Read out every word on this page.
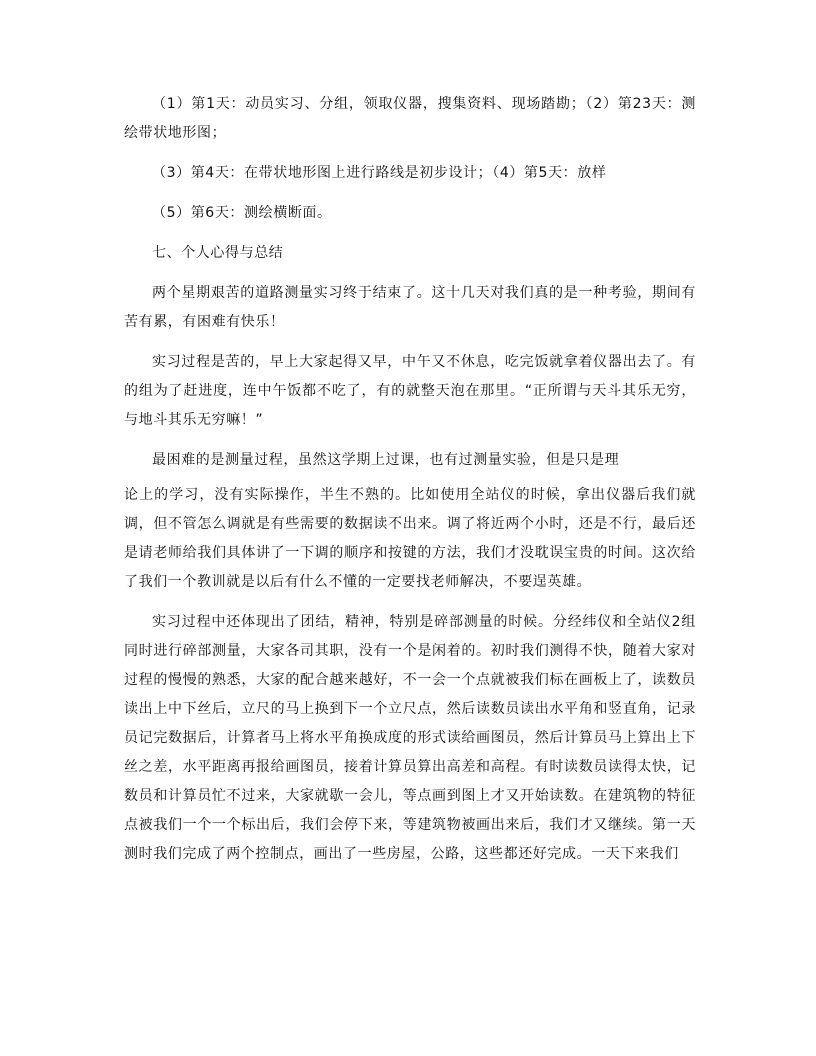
（1）第1天：动员实习、分组，领取仪器，搜集资料、现场踏勘；（2）第23天：测绘带状地形图；

（3）第4天：在带状地形图上进行路线是初步设计；（4）第5天：放样

（5）第6天：测绘横断面。

七、个人心得与总结

两个星期艰苦的道路测量实习终于结束了。这十几天对我们真的是一种考验，期间有苦有累，有困难有快乐！

实习过程是苦的，早上大家起得又早，中午又不休息，吃完饭就拿着仪器出去了。有的组为了赶进度，连中午饭都不吃了，有的就整天泡在那里。“正所谓与天斗其乐无穷，与地斗其乐无穷嘛！”

最困难的是测量过程，虽然这学期上过课，也有过测量实验，但是只是理

论上的学习，没有实际操作，半生不熟的。比如使用全站仪的时候，拿出仪器后我们就调，但不管怎么调就是有些需要的数据读不出来。调了将近两个小时，还是不行，最后还是请老师给我们具体讲了一下调的顺序和按键的方法，我们才没耽误宝贵的时间。这次给了我们一个教训就是以后有什么不懂的一定要找老师解决，不要逞英雄。

实习过程中还体现出了团结，精神，特别是碎部测量的时候。分经纬仪和全站仪2组同时进行碎部测量，大家各司其职，没有一个是闲着的。初时我们测得不快，随着大家对过程的慢慢的熟悉，大家的配合越来越好，不一会一个点就被我们标在画板上了，读数员读出上中下丝后，立尺的马上换到下一个立尺点，然后读数员读出水平角和竖直角，记录员记完数据后，计算者马上将水平角换成度的形式读给画图员，然后计算员马上算出上下丝之差，水平距离再报给画图员，接着计算员算出高差和高程。有时读数员读得太快，记数员和计算员忙不过来，大家就歇一会儿，等点画到图上才又开始读数。在建筑物的特征点被我们一个一个标出后，我们会停下来，等建筑物被画出来后，我们才又继续。第一天测时我们完成了两个控制点，画出了一些房屋，公路，这些都还好完成。一天下来我们
